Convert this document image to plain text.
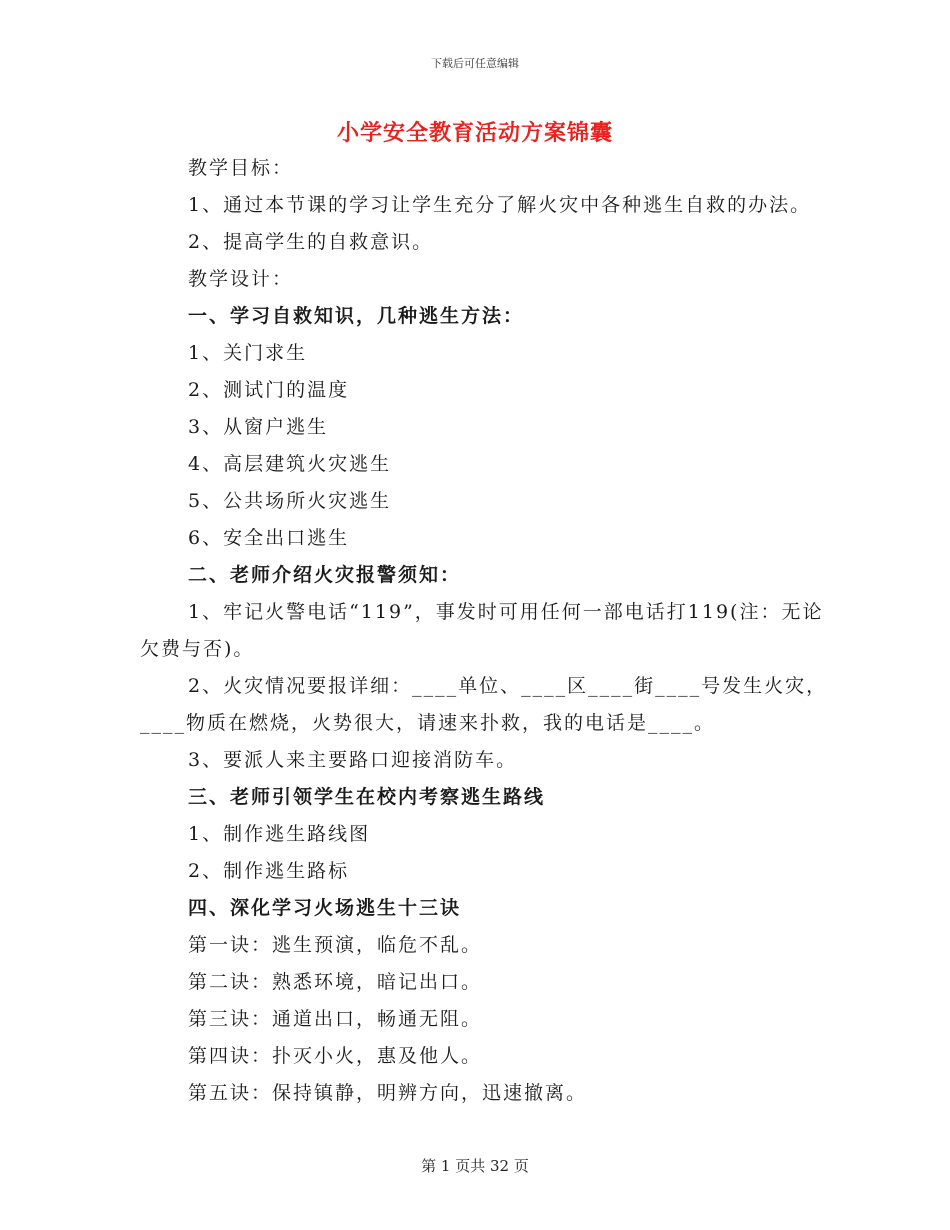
下载后可任意编辑
小学安全教育活动方案锦囊
教学目标：
1、通过本节课的学习让学生充分了解火灾中各种逃生自救的办法。
2、提高学生的自救意识。
教学设计：
一、学习自救知识，几种逃生方法：
1、关门求生
2、测试门的温度
3、从窗户逃生
4、高层建筑火灾逃生
5、公共场所火灾逃生
6、安全出口逃生
二、老师介绍火灾报警须知：
1、牢记火警电话“119”，事发时可用任何一部电话打119(注：无论欠费与否)。
2、火灾情况要报详细：____单位、____区____街____号发生火灾，____物质在燃烧，火势很大，请速来扑救，我的电话是____。
3、要派人来主要路口迎接消防车。
三、老师引领学生在校内考察逃生路线
1、制作逃生路线图
2、制作逃生路标
四、深化学习火场逃生十三诀
第一诀：逃生预演，临危不乱。
第二诀：熟悉环境，暗记出口。
第三诀：通道出口，畅通无阻。
第四诀：扑灭小火，惠及他人。
第五诀：保持镇静，明辨方向，迅速撤离。
第 1 页共 32 页
